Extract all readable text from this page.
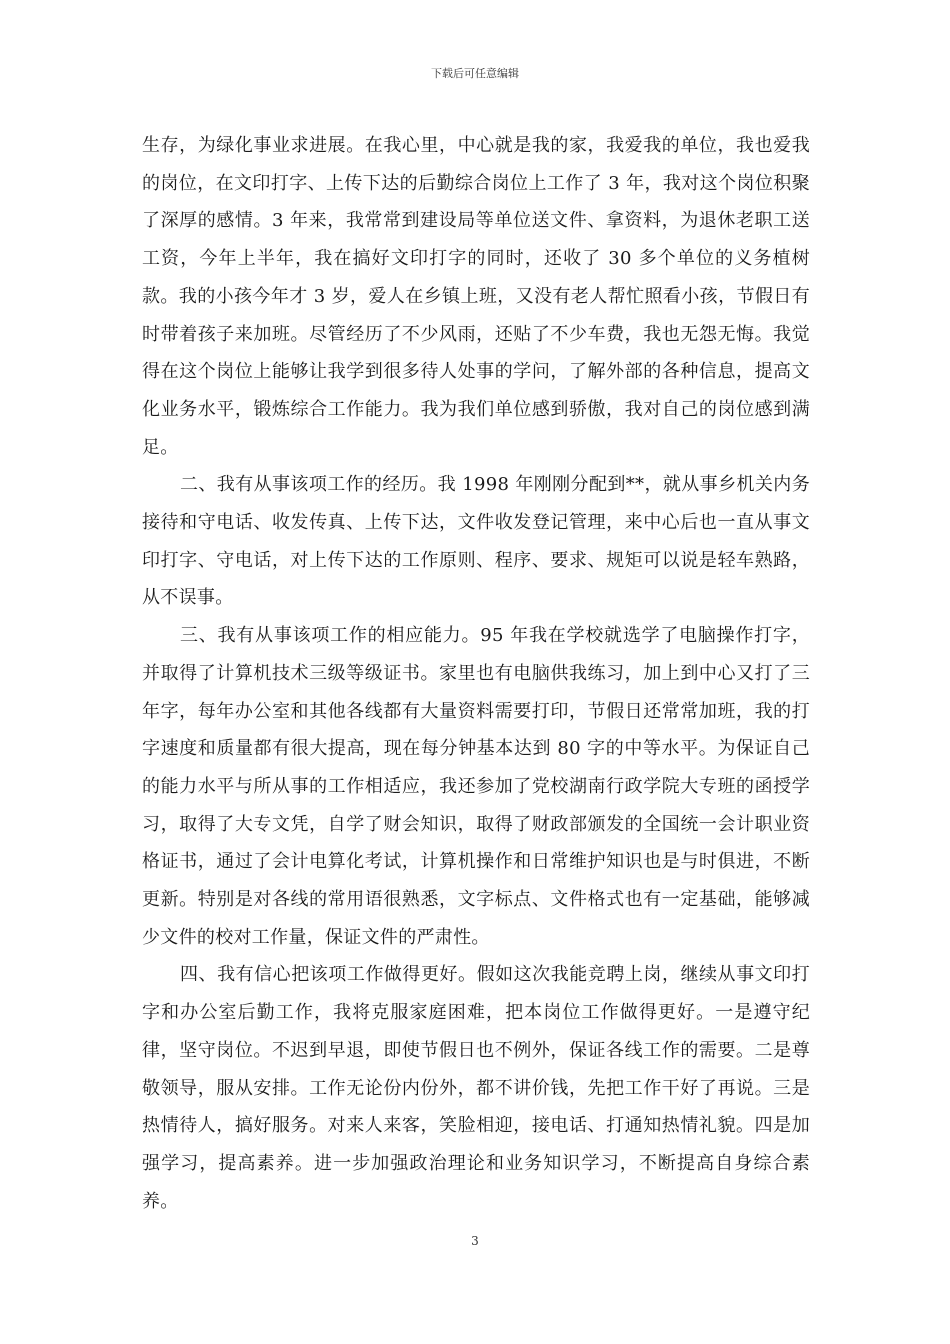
下载后可任意编辑

生存，为绿化事业求进展。在我心里，中心就是我的家，我爱我的单位，我也爱我的岗位，在文印打字、上传下达的后勤综合岗位上工作了 3 年，我对这个岗位积聚了深厚的感情。3 年来，我常常到建设局等单位送文件、拿资料，为退休老职工送工资，今年上半年，我在搞好文印打字的同时，还收了 30 多个单位的义务植树款。我的小孩今年才 3 岁，爱人在乡镇上班，又没有老人帮忙照看小孩，节假日有时带着孩子来加班。尽管经历了不少风雨，还贴了不少车费，我也无怨无悔。我觉得在这个岗位上能够让我学到很多待人处事的学问，了解外部的各种信息，提高文化业务水平，锻炼综合工作能力。我为我们单位感到骄傲，我对自己的岗位感到满足。

二、我有从事该项工作的经历。我 1998 年刚刚分配到**，就从事乡机关内务接待和守电话、收发传真、上传下达，文件收发登记管理，来中心后也一直从事文印打字、守电话，对上传下达的工作原则、程序、要求、规矩可以说是轻车熟路，从不误事。

三、我有从事该项工作的相应能力。95 年我在学校就选学了电脑操作打字，并取得了计算机技术三级等级证书。家里也有电脑供我练习，加上到中心又打了三年字，每年办公室和其他各线都有大量资料需要打印，节假日还常常加班，我的打字速度和质量都有很大提高，现在每分钟基本达到 80 字的中等水平。为保证自己的能力水平与所从事的工作相适应，我还参加了党校湖南行政学院大专班的函授学习，取得了大专文凭，自学了财会知识，取得了财政部颁发的全国统一会计职业资格证书，通过了会计电算化考试，计算机操作和日常维护知识也是与时俱进，不断更新。特别是对各线的常用语很熟悉，文字标点、文件格式也有一定基础，能够减少文件的校对工作量，保证文件的严肃性。

四、我有信心把该项工作做得更好。假如这次我能竞聘上岗，继续从事文印打字和办公室后勤工作，我将克服家庭困难，把本岗位工作做得更好。一是遵守纪律，坚守岗位。不迟到早退，即使节假日也不例外，保证各线工作的需要。二是尊敬领导，服从安排。工作无论份内份外，都不讲价钱，先把工作干好了再说。三是热情待人，搞好服务。对来人来客，笑脸相迎，接电话、打通知热情礼貌。四是加强学习，提高素养。进一步加强政治理论和业务知识学习，不断提高自身综合素养。

3
